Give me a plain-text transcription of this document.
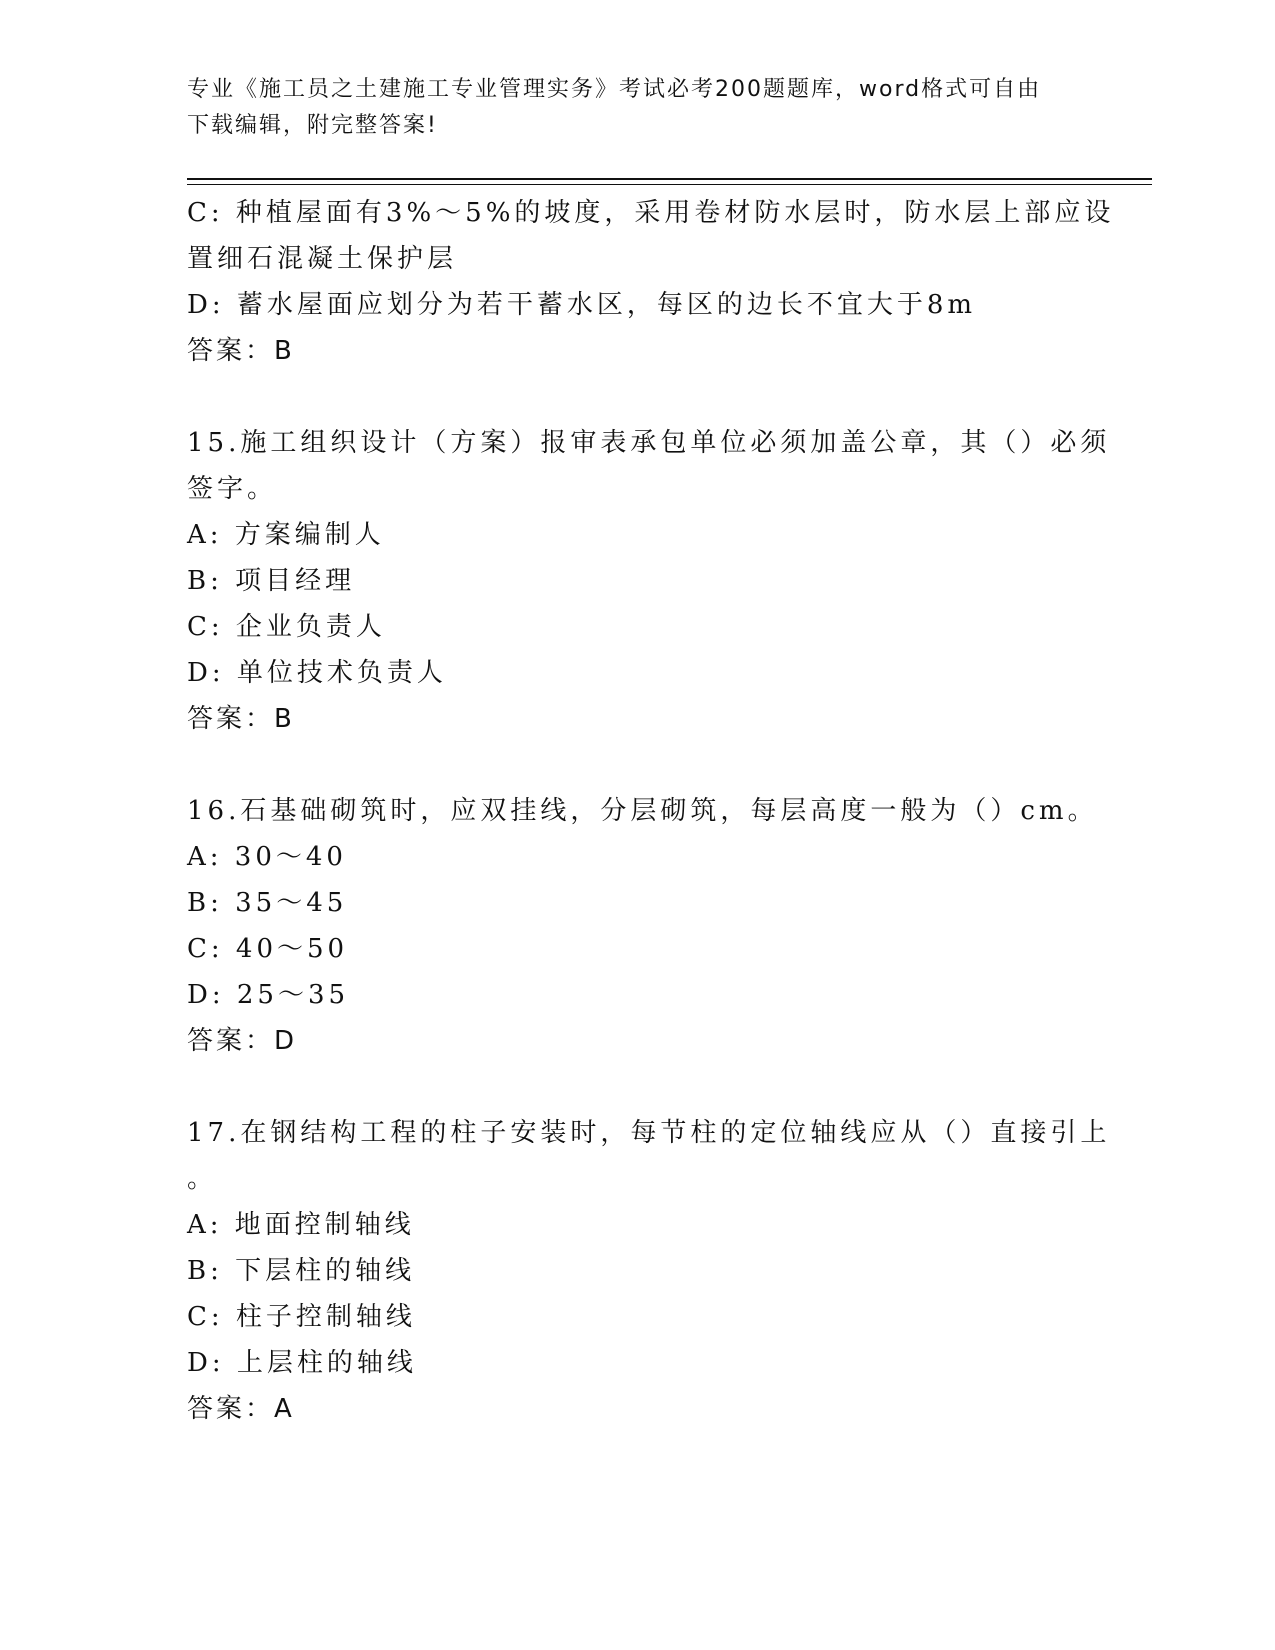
专业《施工员之土建施工专业管理实务》考试必考200题题库，word格式可自由
下载编辑，附完整答案!
C: 种植屋面有3%～5%的坡度，采用卷材防水层时，防水层上部应设
置细石混凝土保护层
D: 蓄水屋面应划分为若干蓄水区，每区的边长不宜大于8m
答案：B
15.施工组织设计（方案）报审表承包单位必须加盖公章，其（）必须
签字。
A: 方案编制人
B: 项目经理
C: 企业负责人
D: 单位技术负责人
答案：B
16.石基础砌筑时，应双挂线，分层砌筑，每层高度一般为（）cm。
A: 30～40
B: 35～45
C: 40～50
D: 25～35
答案：D
17.在钢结构工程的柱子安装时，每节柱的定位轴线应从（）直接引上
。
A: 地面控制轴线
B: 下层柱的轴线
C: 柱子控制轴线
D: 上层柱的轴线
答案：A
